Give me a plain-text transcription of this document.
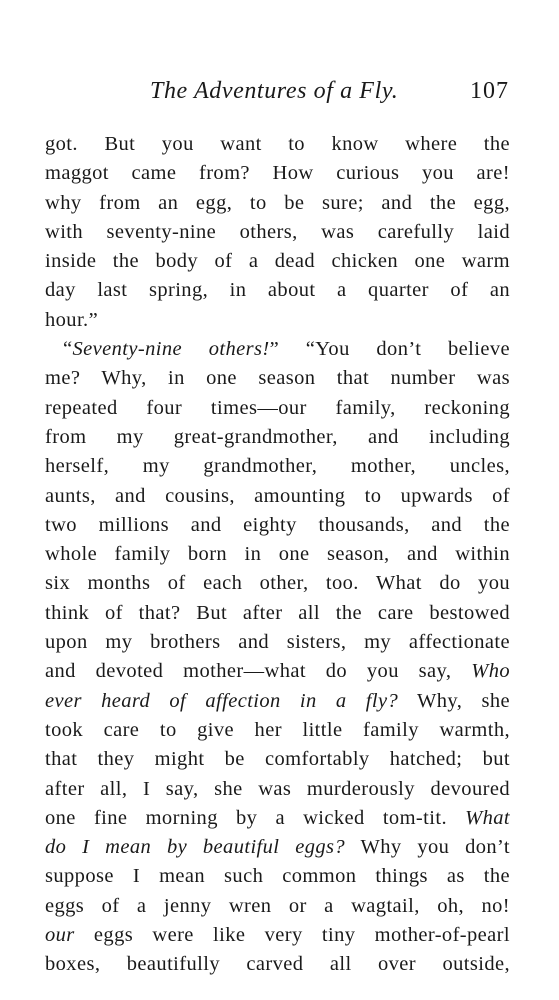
The Adventures of a Fly.	107
got. But you want to know where the
maggot came from? How curious you are!
why from an egg, to be sure; and the egg,
with seventy-nine others, was carefully laid
inside the body of a dead chicken one warm
day last spring, in about a quarter of an
hour.”
“Seventy-nine others!” “You don’t believe
me? Why, in one season that number was
repeated four times—our family, reckoning
from my great-grandmother, and including
herself, my grandmother, mother, uncles,
aunts, and cousins, amounting to upwards of
two millions and eighty thousands, and the
whole family born in one season, and within
six months of each other, too. What do you
think of that? But after all the care bestowed
upon my brothers and sisters, my affectionate
and devoted mother—what do you say, Who
ever heard of affection in a fly? Why, she
took care to give her little family warmth,
that they might be comfortably hatched; but
after all, I say, she was murderously devoured
one fine morning by a wicked tom-tit. What
do I mean by beautiful eggs? Why you don’t
suppose I mean such common things as the
eggs of a jenny wren or a wagtail, oh, no!
our eggs were like very tiny mother-of-pearl
boxes, beautifully carved all over outside,
